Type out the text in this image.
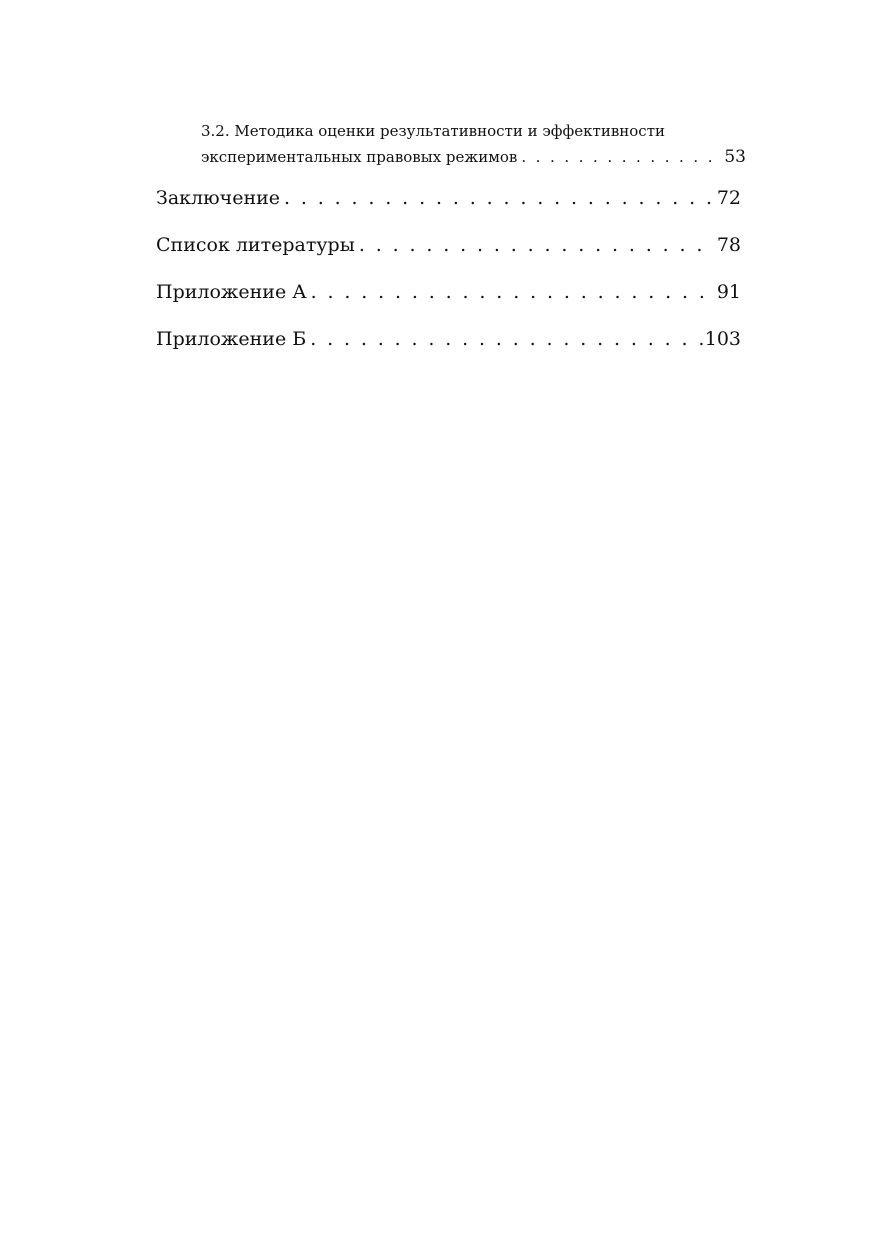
3.2. Методика оценки результативности и эффективности
экспериментальных правовых режимов . . .	53
Заключение . . .	72
Список литературы . . .	78
Приложение А . . .	91
Приложение Б . . .	103
